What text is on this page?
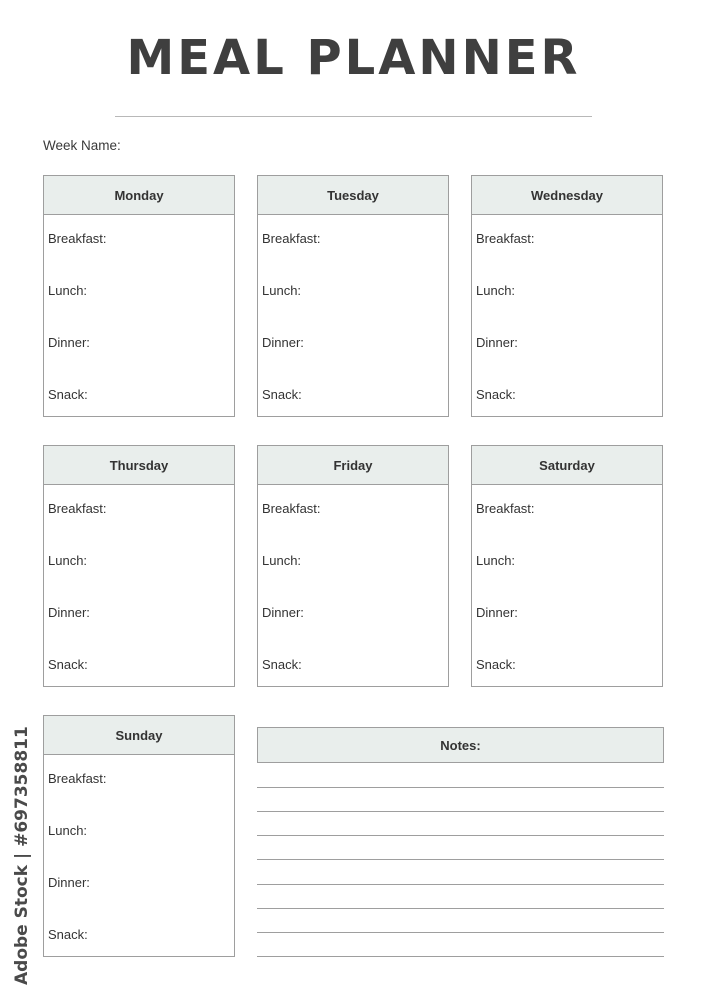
MEAL PLANNER
Week Name:
Monday
Breakfast:
Lunch:
Dinner:
Snack:
Tuesday
Breakfast:
Lunch:
Dinner:
Snack:
Wednesday
Breakfast:
Lunch:
Dinner:
Snack:
Thursday
Breakfast:
Lunch:
Dinner:
Snack:
Friday
Breakfast:
Lunch:
Dinner:
Snack:
Saturday
Breakfast:
Lunch:
Dinner:
Snack:
Sunday
Breakfast:
Lunch:
Dinner:
Snack:
Notes:
Adobe Stock | #697358811
